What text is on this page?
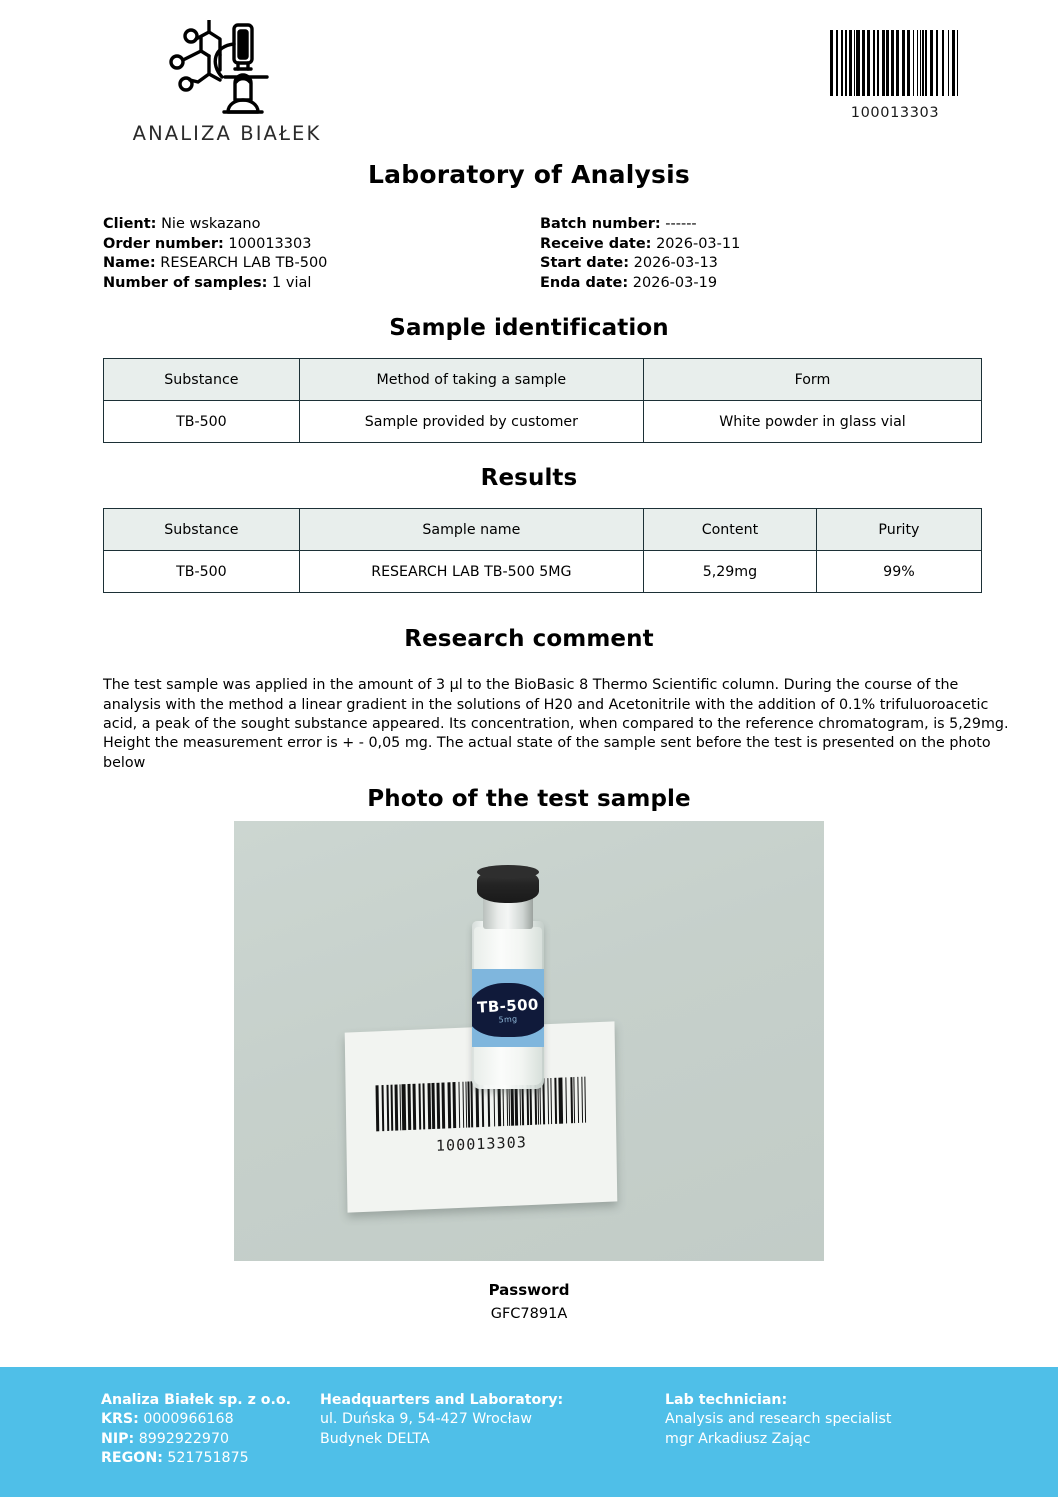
ANALIZA BIAŁEK
100013303
Laboratory of Analysis
Client: Nie wskazano
Order number: 100013303
Name: RESEARCH LAB TB-500
Number of samples: 1 vial
Batch number: ------
Receive date: 2026-03-11
Start date: 2026-03-13
Enda date: 2026-03-19
Sample identification
Substance	Method of taking a sample	Form
TB-500	Sample provided by customer	White powder in glass vial
Results
Substance	Sample name	Content	Purity
TB-500	RESEARCH LAB TB-500 5MG	5,29mg	99%
Research comment

The test sample was applied in the amount of 3 µl to the BioBasic 8 Thermo Scientific column. During the course of the analysis with the method a linear gradient in the solutions of H20 and Acetonitrile with the addition of 0.1% trifuluoroacetic acid, a peak of the sought substance appeared. Its concentration, when compared to the reference chromatogram, is 5,29mg. Height the measurement error is + - 0,05 mg. The actual state of the sample sent before the test is presented on the photo below

Photo of the test sample
100013303
TB-500
5mg
Password
GFC7891A
Analiza Białek sp. z o.o.
KRS: 0000966168
NIP: 8992922970
REGON: 521751875
Headquarters and Laboratory:
ul. Duńska 9, 54-427 Wrocław
Budynek DELTA
Lab technician:
Analysis and research specialist
mgr Arkadiusz Zając
